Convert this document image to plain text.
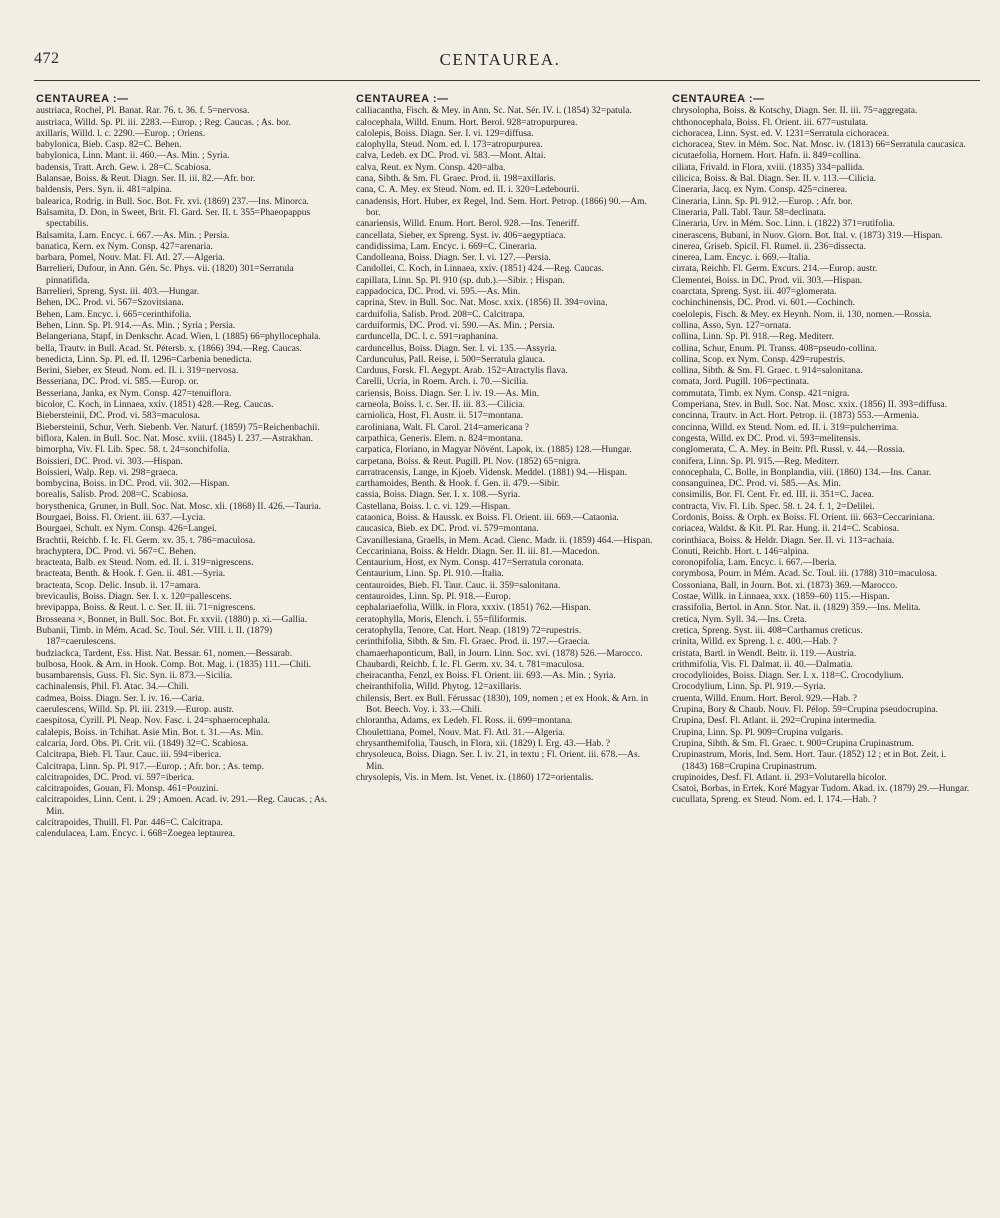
472	CENTAUREA.
CENTAUREA :—

austriaca, Rochel, Pl. Banat. Rar. 76. t. 36. f. 5=nervosa.

austriaca, Willd. Sp. Pl. iii. 2283.—Europ. ; Reg. Caucas. ; As. bor.

axillaris, Willd. l. c. 2290.—Europ. ; Oriens.

babylonica, Bieb. Casp. 82=C. Behen.

babylonica, Linn. Mant. ii. 460.—As. Min. ; Syria.

badensis, Tratt. Arch. Gew. i. 28=C. Scabiosa.

Balansae, Boiss. & Reut. Diagn. Ser. II. iii. 82.—Afr. bor.

baldensis, Pers. Syn. ii. 481=alpina.

balearica, Rodrig. in Bull. Soc. Bot. Fr. xvi. (1869) 237.—Ins. Minorca.

Balsamita, D. Don, in Sweet, Brit. Fl. Gard. Ser. II. t. 355=Phaeopappus spectabilis.

Balsamita, Lam. Encyc. i. 667.—As. Min. ; Persia.

banatica, Kern. ex Nym. Consp. 427=arenaria.

barbara, Pomel, Nouv. Mat. Fl. Atl. 27.—Algeria.

Barrelieri, Dufour, in Ann. Gén. Sc. Phys. vii. (1820) 301=Serratula pinnatifida.

Barrelieri, Spreng. Syst. iii. 403.—Hungar.

Behen, DC. Prod. vi. 567=Szovitsiana.

Behen, Lam. Encyc. i. 665=cerinthifolia.

Behen, Linn. Sp. Pl. 914.—As. Min. ; Syria ; Persia.

Belangeriana, Stapf, in Denkschr. Acad. Wien, l. (1885) 66=phyllocephala.

bella, Trautv. in Bull. Acad. St. Pétersb. x. (1866) 394.—Reg. Caucas.

benedicta, Linn. Sp. Pl. ed. II. 1296=Carbenia benedicta.

Berini, Sieber, ex Steud. Nom. ed. II. i. 319=nervosa.

Besseriana, DC. Prod. vi. 585.—Europ. or.

Besseriana, Janka, ex Nym. Consp. 427=tenuiflora.

bicolor, C. Koch, in Linnaea, xxiv. (1851) 428.—Reg. Caucas.

Biebersteinii, DC. Prod. vi. 583=maculosa.

Biebersteinii, Schur, Verh. Siebenb. Ver. Naturf. (1859) 75=Reichenbachii.

biflora, Kalen. in Bull. Soc. Nat. Mosc. xviii. (1845) I. 237.—Astrakhan.

bimorpha, Viv. Fl. Lib. Spec. 58. t. 24=sonchifolia.

Boissieri, DC. Prod. vi. 303.—Hispan.

Boissieri, Walp. Rep. vi. 298=graeca.

bombycina, Boiss. in DC. Prod. vii. 302.—Hispan.

borealis, Salisb. Prod. 208=C. Scabiosa.

borysthenica, Gruner, in Bull. Soc. Nat. Mosc. xli. (1868) II. 426.—Tauria.

Bourgaei, Boiss. Fl. Orient. iii. 637.—Lycia.

Bourgaei, Schult. ex Nym. Consp. 426=Langei.

Brachtii, Reichb. f. Ic. Fl. Germ. xv. 35. t. 786=maculosa.

brachyptera, DC. Prod. vi. 567=C. Behen.

bracteata, Balb. ex Steud. Nom. ed. II. i. 319=nigrescens.

bracteata, Benth. & Hook. f. Gen. ii. 481.—Syria.

bracteata, Scop. Delic. Insub. ii. 17=amara.

brevicaulis, Boiss. Diagn. Ser. I. x. 120=pallescens.

brevipappa, Boiss. & Reut. l. c. Ser. II. iii. 71=nigrescens.

Brosseana ×, Bonnet, in Bull. Soc. Bot. Fr. xxvii. (1880) p. xi.—Gallia.

Bubanii, Timb. in Mém. Acad. Sc. Toul. Sér. VIII. i. II. (1879) 187=caerulescens.

budziackca, Tardent, Ess. Hist. Nat. Bessar. 61, nomen.—Bessarab.

bulbosa, Hook. & Arn. in Hook. Comp. Bot. Mag. i. (1835) 111.—Chili.

busambarensis, Guss. Fl. Sic. Syn. ii. 873.—Sicilia.

cachinalensis, Phil. Fl. Atac. 34.—Chili.

cadmea, Boiss. Diagn. Ser. I. iv. 16.—Caria.

caerulescens, Willd. Sp. Pl. iii. 2319.—Europ. austr.

caespitosa, Cyrill. Pl. Neap. Nov. Fasc. i. 24=sphaerocephala.

calalepis, Boiss. in Tchihat. Asie Min. Bot. t. 31.—As. Min.

calcaria, Jord. Obs. Pl. Crit. vii. (1849) 32=C. Scabiosa.

Calcitrapa, Bieb. Fl. Taur. Cauc. iii. 594=iberica.

Calcitrapa, Linn. Sp. Pl. 917.—Europ. ; Afr. bor. ; As. temp.

calcitrapoides, DC. Prod. vi. 597=iberica.

calcitrapoides, Gouan, Fl. Monsp. 461=Pouzini.

calcitrapoides, Linn. Cent. i. 29 ; Amoen. Acad. iv. 291.—Reg. Caucas. ; As. Min.

calcitrapoides, Thuill. Fl. Par. 446=C. Calcitrapa.

calendulacea, Lam. Encyc. i. 668=Zoegea leptaurea.

CENTAUREA :—

calliacantha, Fisch. & Mey. in Ann. Sc. Nat. Sér. IV. i. (1854) 32=patula.

calocephala, Willd. Enum. Hort. Berol. 928=atropurpurea.

calolepis, Boiss. Diagn. Ser. I. vi. 129=diffusa.

calophylla, Steud. Nom. ed. I. 173=atropurpurea.

calva, Ledeb. ex DC. Prod. vi. 583.—Mont. Altai.

calva, Reut. ex Nym. Consp. 420=alba.

cana, Sibth. & Sm. Fl. Graec. Prod. ii. 198=axillaris.

cana, C. A. Mey. ex Steud. Nom. ed. II. i. 320=Ledebourii.

canadensis, Hort. Huber, ex Regel, Ind. Sem. Hort. Petrop. (1866) 90.—Am. bor.

canariensis, Willd. Enum. Hort. Berol. 928.—Ins. Teneriff.

cancellata, Sieber, ex Spreng. Syst. iv. 406=aegyptiaca.

candidissima, Lam. Encyc. i. 669=C. Cineraria.

Candolleana, Boiss. Diagn. Ser. I. vi. 127.—Persia.

Candollei, C. Koch, in Linnaea, xxiv. (1851) 424.—Reg. Caucas.

capillata, Linn. Sp. Pl. 910 (sp. dub.).—Sibir. ; Hispan.

cappadocica, DC. Prod. vi. 595.—As. Min.

caprina, Stev. in Bull. Soc. Nat. Mosc. xxix. (1856) II. 394=ovina.

carduifolia, Salisb. Prod. 208=C. Calcitrapa.

carduiformis, DC. Prod. vi. 590.—As. Min. ; Persia.

carduncella, DC. l. c. 591=raphanina.

carduncellus, Boiss. Diagn. Ser. I. vi. 135.—Assyria.

Cardunculus, Pall. Reise, i. 500=Serratula glauca.

Carduus, Forsk. Fl. Aegypt. Arab. 152=Atractylis flava.

Carelli, Ucria, in Roem. Arch. i. 70.—Sicilia.

cariensis, Boiss. Diagn. Ser. I. iv. 19.—As. Min.

carneola, Boiss. l. c. Ser. II. iii. 83.—Cilicia.

carniolica, Host, Fl. Austr. ii. 517=montana.

caroliniana, Walt. Fl. Carol. 214=americana ?

carpathica, Generis. Elem. n. 824=montana.

carpatica, Floriano, in Magyar Növént. Lapok, ix. (1885) 128.—Hungar.

carpetana, Boiss. & Reut. Pugill. Pl. Nov. (1852) 65=nigra.

carratracensis, Lange, in Kjoeb. Vidensk. Meddel. (1881) 94.—Hispan.

carthamoides, Benth. & Hook. f. Gen. ii. 479.—Sibir.

cassia, Boiss. Diagn. Ser. I. x. 108.—Syria.

Castellana, Boiss. l. c. vi. 129.—Hispan.

cataonica, Boiss. & Haussk. ex Boiss. Fl. Orient. iii. 669.—Cataonia.

caucasica, Bieb. ex DC. Prod. vi. 579=montana.

Cavanillesiana, Graells, in Mem. Acad. Cienc. Madr. ii. (1859) 464.—Hispan.

Ceccariniana, Boiss. & Heldr. Diagn. Ser. II. iii. 81.—Macedon.

Centaurium, Host, ex Nym. Consp. 417=Serratula coronata.

Centaurium, Linn. Sp. Pl. 910.—Italia.

centauroides, Bieb. Fl. Taur. Cauc. ii. 359=salonitana.

centauroides, Linn. Sp. Pl. 918.—Europ.

cephalariaefolia, Willk. in Flora, xxxiv. (1851) 762.—Hispan.

ceratophylla, Moris, Elench. i. 55=filiformis.

ceratophylla, Tenore, Cat. Hort. Neap. (1819) 72=rupestris.

cerinthifolia, Sibth. & Sm. Fl. Graec. Prod. ii. 197.—Graecia.

chamaerhaponticum, Ball, in Journ. Linn. Soc. xvi. (1878) 526.—Marocco.

Chaubardi, Reichb. f. Ic. Fl. Germ. xv. 34. t. 781=maculosa.

cheiracantha, Fenzl, ex Boiss. Fl. Orient. iii. 693.—As. Min. ; Syria.

cheiranthifolia, Willd. Phytog. 12=axillaris.

chilensis, Bert. ex Bull. Férussac (1830), 109, nomen ; et ex Hook. & Arn. in Bot. Beech. Voy. i. 33.—Chili.

chlorantha, Adams, ex Ledeb. Fl. Ross. ii. 699=montana.

Choulettiana, Pomel, Nouv. Mat. Fl. Atl. 31.—Algeria.

chrysanthemifolia, Tausch, in Flora, xii. (1829) I. Erg. 43.—Hab. ?

chrysoleuca, Boiss. Diagn. Ser. I. iv. 21, in textu ; Fl. Orient. iii. 678.—As. Min.

chrysolepis, Vis. in Mem. Ist. Venet. ix. (1860) 172=orientalis.

CENTAUREA :—

chrysolopha, Boiss. & Kotschy, Diagn. Ser. II. iii. 75=aggregata.

chthonocephala, Boiss. Fl. Orient. iii. 677=ustulata.

cichoracea, Linn. Syst. ed. V. 1231=Serratula cichoracea.

cichoracea, Stev. in Mém. Soc. Nat. Mosc. iv. (1813) 66=Serratula caucasica.

cicutaefolia, Hornem. Hort. Hafn. ii. 849=collina.

ciliata, Frivald. in Flora, xviii. (1835) 334=pallida.

cilicica, Boiss. & Bal. Diagn. Ser. II. v. 113.—Cilicia.

Cineraria, Jacq. ex Nym. Consp. 425=cinerea.

Cineraria, Linn. Sp. Pl. 912.—Europ. ; Afr. bor.

Cineraria, Pall. Tabl. Taur. 58=declinata.

Cineraria, Urv. in Mém. Soc. Linn. i. (1822) 371=rutifolia.

cinerascens, Bubani, in Nuov. Giorn. Bot. Ital. v. (1873) 319.—Hispan.

cinerea, Griseb. Spicil. Fl. Rumel. ii. 236=dissecta.

cinerea, Lam. Encyc. i. 669.—Italia.

cirrata, Reichb. Fl. Germ. Excurs. 214.—Europ. austr.

Clementei, Boiss. in DC. Prod. vii. 303.—Hispan.

coarctata, Spreng. Syst. iii. 407=glomerata.

cochinchinensis, DC. Prod. vi. 601.—Cochinch.

coelolepis, Fisch. & Mey. ex Heynh. Nom. ii. 130, nomen.—Rossia.

collina, Asso, Syn. 127=ornata.

collina, Linn. Sp. Pl. 918.—Reg. Mediterr.

collina, Schur, Enum. Pl. Transs. 408=pseudo-collina.

collina, Scop. ex Nym. Consp. 429=rupestris.

collina, Sibth. & Sm. Fl. Graec. t. 914=salonitana.

comata, Jord. Pugill. 106=pectinata.

commutata, Timb. ex Nym. Consp. 421=nigra.

Comperiana, Stev. in Bull. Soc. Nat. Mosc. xxix. (1856) II. 393=diffusa.

concinna, Trautv. in Act. Hort. Petrop. ii. (1873) 553.—Armenia.

concinna, Willd. ex Steud. Nom. ed. II. i. 319=pulcherrima.

congesta, Willd. ex DC. Prod. vi. 593=melitensis.

conglomerata, C. A. Mey. in Beitr. Pfl. Russl. v. 44.—Rossia.

conifera, Linn. Sp. Pl. 915.—Reg. Mediterr.

conocephala, C. Bolle, in Bonplandia, viii. (1860) 134.—Ins. Canar.

consanguinea, DC. Prod. vi. 585.—As. Min.

consimilis, Bor. Fl. Cent. Fr. ed. III. ii. 351=C. Jacea.

contracta, Viv. Fl. Lib. Spec. 58. t. 24. f. 1, 2=Delilei.

Cordonis, Boiss. & Orph. ex Boiss. Fl. Orient. iii. 663=Ceccariniana.

coriacea, Waldst. & Kit. Pl. Rar. Hung. ii. 214=C. Scabiosa.

corinthiaca, Boiss. & Heldr. Diagn. Ser. II. vi. 113=achaia.

Conuti, Reichb. Hort. t. 146=alpina.

coronopifolia, Lam. Encyc. i. 667.—Iberia.

corymbosa, Pourr. in Mém. Acad. Sc. Toul. iii. (1788) 310=maculosa.

Cossoniana, Ball, in Journ. Bot. xi. (1873) 369.—Marocco.

Costae, Willk. in Linnaea, xxx. (1859–60) 115.—Hispan.

crassifolia, Bertol. in Ann. Stor. Nat. ii. (1829) 359.—Ins. Melita.

cretica, Nym. Syll. 34.—Ins. Creta.

cretica, Spreng. Syst. iii. 408=Carthamus creticus.

crinita, Willd. ex Spreng. l. c. 400.—Hab. ?

cristata, Bartl. in Wendl. Beitr. ii. 119.—Austria.

crithmifolia, Vis. Fl. Dalmat. ii. 40.—Dalmatia.

crocodylioides, Boiss. Diagn. Ser. I. x. 118=C. Crocodylium.

Crocodylium, Linn. Sp. Pl. 919.—Syria.

cruenta, Willd. Enum. Hort. Berol. 929.—Hab. ?

Crupina, Bory & Chaub. Nouv. Fl. Pélop. 59=Crupina pseudocrupina.

Crupina, Desf. Fl. Atlant. ii. 292=Crupina intermedia.

Crupina, Linn. Sp. Pl. 909=Crupina vulgaris.

Crupina, Sibth. & Sm. Fl. Graec. t. 900=Crupina Crupinastrum.

Crupinastrum, Moris, Ind. Sem. Hort. Taur. (1852) 12 ; et in Bot. Zeit. i. (1843) 168=Crupina Crupinastrum.

crupinoides, Desf. Fl. Atlant. ii. 293=Volutarella bicolor.

Csatoi, Borbas, in Ertek. Koré Magyar Tudom. Akad. ix. (1879) 29.—Hungar.

cucullata, Spreng. ex Steud. Nom. ed. I. 174.—Hab. ?
